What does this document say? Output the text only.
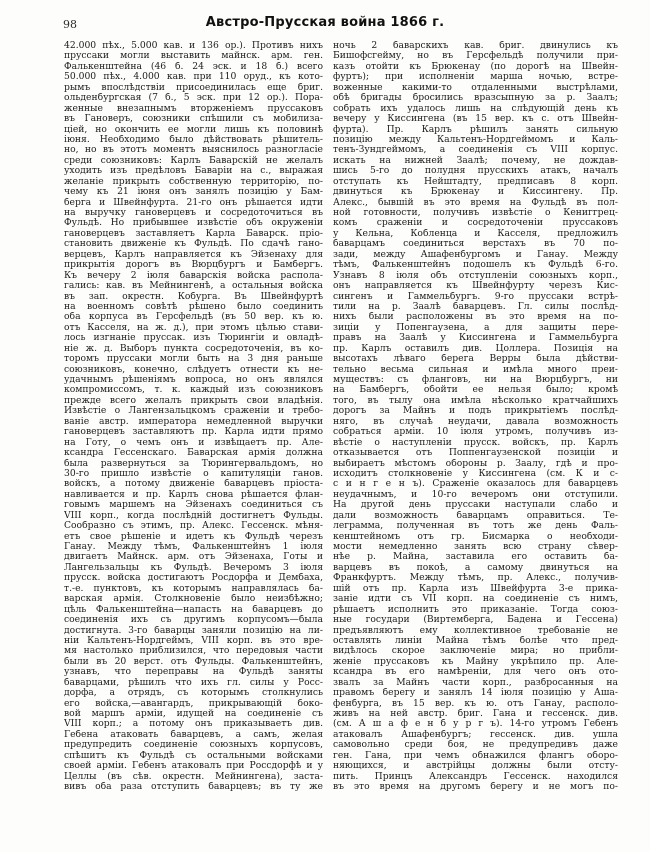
98	Австро-Прусская война 1866 г.
42.000 пѣх., 5.000 кав. и 136 ор.). Противъ нихъ
пруссаки могли выставить майнск. арм. ген.
Фалькенштейна (46 б. 24 эск. и 18 б.) всего
50.000 пѣх., 4.000 кав. при 110 оруд., къ кото-
рымъ впослѣдствіи присоединилась еще бриг.
ольденбургская (7 б., 5 эск. при 12 ор.). Пора-
женные внезапнымъ вторженіемъ пруссаковъ
въ Гановеръ, союзники спѣшили съ мобилиза-
ціей, но окончить ее могли лишь къ половинѣ
іюня. Необходимо было дѣйствовать рѣшитель-
но, но въ этотъ моментъ выяснилось разногласіе
среди союзниковъ: Карлъ Баварскій не желалъ
уходить изъ предѣловъ Баваріи на с., выражая
желаніе прикрыть собственную территорію, по-
чему къ 21 іюня онъ занялъ позицію у Бам-
берга и Швейнфурта. 21-го онъ рѣшается идти
на выручку гановерцевъ и сосредоточиться въ
Фульдѣ. Но прибывшее извѣстіе объ окруженіи
гановерцевъ заставляетъ Карла Баварск. пріо-
становить движеніе къ Фульдѣ. По сдачѣ гано-
верцевъ, Карлъ направляется къ Эйзенаху для
прикрытія дорогъ въ Вюрцбургъ и Бамбергъ.
Къ вечеру 2 іюля баварскія войска распола-
гались: кав. въ Мейнингенѣ, а остальныя войска
въ зап. окрестн. Кобурга. Въ Швейнфуртѣ
на военномъ совѣтѣ рѣшено было соединить
оба корпуса въ Герсфельдѣ (въ 50 вер. къ ю.
отъ Касселя, на ж. д.), при этомъ цѣлью стави-
лось изгнаніе пруссак. изъ Тюрингіи и овладѣ-
ніе ж. д. Выборъ пункта сосредоточенія, въ ко-
торомъ пруссаки могли быть на 3 дня раньше
союзниковъ, конечно, слѣдуетъ отнести къ не-
удачнымъ рѣшеніямъ вопроса, но онъ являлся
компромиссомъ, т. к. каждый изъ союзниковъ
прежде всего желалъ прикрыть свои владѣнія.
Извѣстіе о Лангензальцкомъ сраженіи и требо-
ваніе австр. императора немедленной выручки
гановерцевъ заставляютъ пр. Карла идти прямо
на Готу, о чемъ онъ и извѣщаетъ пр. Але-
ксандра Гессенскаго. Баварская армія должна
была развернуться за Тюрингервальдомъ, но
30-го пришло извѣстіе о капитуляціи ганов.
войскъ, а потому движеніе баварцевъ пріоста-
навливается и пр. Карлъ снова рѣшается флан-
говымъ маршемъ на Эйзенахъ соединиться съ
VIII корп., когда послѣдній достигнетъ Фульды.
Сообразно съ этимъ, пр. Алекс. Гессенск. мѣня-
етъ свое рѣшеніе и идетъ къ Фульдѣ черезъ
Ганау. Между тѣмъ, Фалькенштейнъ 1 іюля
двигаетъ Майнск. арм. отъ Эйзенаха, Готы и
Лангельзальцы къ Фульдѣ. Вечеромъ 3 іюля
прусск. войска достигаютъ Росдорфа и Дембаха,
т.-е. пунктовъ, къ которымъ направлялась ба-
варская армія. Столкновеніе было неизбѣжно;
цѣль Фалькенштейна—напасть на баварцевъ до
соединенія ихъ съ другимъ корпусомъ—была
достигнута. 3-го баварцы заняли позицію на ли-
ніи Кальтенъ-Нордгеймъ, VIII корп. въ это вре-
мя настолько приблизился, что передовыя части
были въ 20 верст. отъ Фульды. Фалькенштейнъ,
узнавъ, что переправы на Фульдѣ заняты
баварцами, рѣшилъ что ихъ гл. силы у Росс-
дорфа, а отрядъ, съ которымъ столкнулись
его войска,—авангардъ, прикрывающій боко-
вой маршъ арміи, идущей на соединеніе съ
VIII корп.; а потому онъ приказываетъ див.
Гебена атаковать баварцевъ, а самъ, желая
предупредить соединеніе союзныхъ корпусовъ,
спѣшитъ къ Фульдѣ съ остальными войсками
своей арміи. Гебенъ атаковалъ при Россдорфѣ и у
Целлы (въ сѣв. окрестн. Мейнингена), заста-
вивъ оба раза отступить баварцевъ; въ ту же
ночь 2 баварскихъ кав. бриг. двинулись къ
Бишофсгейму, но въ Герсфельдѣ получили при-
казъ отойти къ Брюкенау (по дорогѣ на Швейн-
фуртъ); при исполненіи марша ночью, встре-
воженные какими-то отдаленными выстрѣлами,
обѣ бригады бросились вразсыпную за р. Заалъ;
собрать ихъ удалось лишь на слѣдующій день къ
вечеру у Киссингена (въ 15 вер. къ с. отъ Швейн-
фурта). Пр. Карлъ рѣшилъ занять сильную
позицію между Кальтенъ-Нордгеймомъ и Каль-
тенъ-Зундгеймомъ, а соединенія съ VIII корпус.
искать на нижней Заалѣ; почему, не дождав-
шись 5-го до полудня прусскихъ атакъ, началъ
отступать къ Нейштадту, предписавъ 8 корп.
двинуться къ Брюкенау и Киссингену. Пр.
Алекс., бывшій въ это время на Фульдѣ въ пол-
ной готовности, получивъ извѣстіе о Кениггрец-
комъ сраженіи и сосредоточеніи пруссаковъ
у Кельна, Кобленца и Касселя, предложилъ
баварцамъ соединиться верстахъ въ 70 по-
зади, между Ашафенбургомъ и Ганау. Между
тѣмъ, Фалькенштейнъ подошелъ къ Фульдѣ 6-го.
Узнавъ 8 іюля объ отступленіи союзныхъ корп.,
онъ направляется къ Швейнфурту черезъ Кис-
сингенъ и Гаммельбургъ. 9-го пруссаки встрѣ-
тили на р. Заалѣ баварцевъ. Гл. силы послѣд-
нихъ были расположены въ это время на по-
зиціи у Попенгаузена, а для защиты пере-
правъ на Заалѣ у Киссингена и Гаммельбурга
пр. Карлъ оставилъ див. Цоллера. Позиція на
высотахъ лѣваго берега Верры была дѣйстви-
тельно весьма сильная и имѣла много преи-
муществъ: съ фланговъ, ни на Вюрцбургъ, ни
на Бамбергъ, обойти ее нельзя было; кромѣ
того, въ тылу она имѣла нѣсколько кратчайшихъ
дорогъ за Майнъ и подъ прикрытіемъ послѣд-
няго, въ случаѣ неудачи, давала возможность
собраться арміи. 10 іюля утромъ, получивъ из-
вѣстіе о наступленіи прусск. войскъ, пр. Карлъ
отказывается отъ Поппенгаузенской позиціи и
выбираетъ мѣстомъ обороны р. Заалу, гдѣ и про-
исходитъ столкновеніе у Киссингена (см. К и с-
с и н г е н ъ). Сраженіе оказалось для баварцевъ
неудачнымъ, и 10-го вечеромъ они отступили.
На другой день пруссаки наступали слабо и
дали возможность баварцамъ оправиться. Те-
леграмма, полученная въ тотъ же день Фаль-
кенштейномъ отъ гр. Бисмарка о необходи-
мости немедленно занять всю страну сѣвер-
нѣе р. Майна, заставила его оставить ба-
варцевъ въ покоѣ, а самому двинуться на
Франкфуртъ. Между тѣмъ, пр. Алекс., получив-
шій отъ пр. Карла изъ Швейфурта 3-е прика-
заніе идти съ VII корп. на соединеніе съ нимъ,
рѣшаетъ исполнить это приказаніе. Тогда союз-
ные государи (Виртемберга, Бадена и Гессена)
предъявляютъ ему коллективное требованіе не
оставлять линіи Майна тѣмъ болѣе что пред-
видѣлось скорое заключеніе мира; но прибли-
женіе пруссаковъ къ Майну укрѣпило пр. Але-
ксандра въ его намѣреніи, для чего онъ ото-
звалъ за Майнъ части корп., разбросанныя на
правомъ берегу и занялъ 14 іюля позицію у Аша-
фенбурга, въ 15 вер. къ ю. отъ Ганау, располо-
живъ на ней австр. бриг. Гана и гессенск. див.
(см. А ш а ф е н б у р г ъ). 14-го утромъ Гебенъ
атаковалъ Ашафенбургъ; гессенск. див. ушла
самовольно среди боя, не предупредивъ даже
ген. Гана, при чемъ обнажился флангъ оборо-
няющихся, и австрійцы должны были отсту-
пить. Принцъ Александръ Гессенск. находился
въ это время на другомъ берегу и не могъ по-
